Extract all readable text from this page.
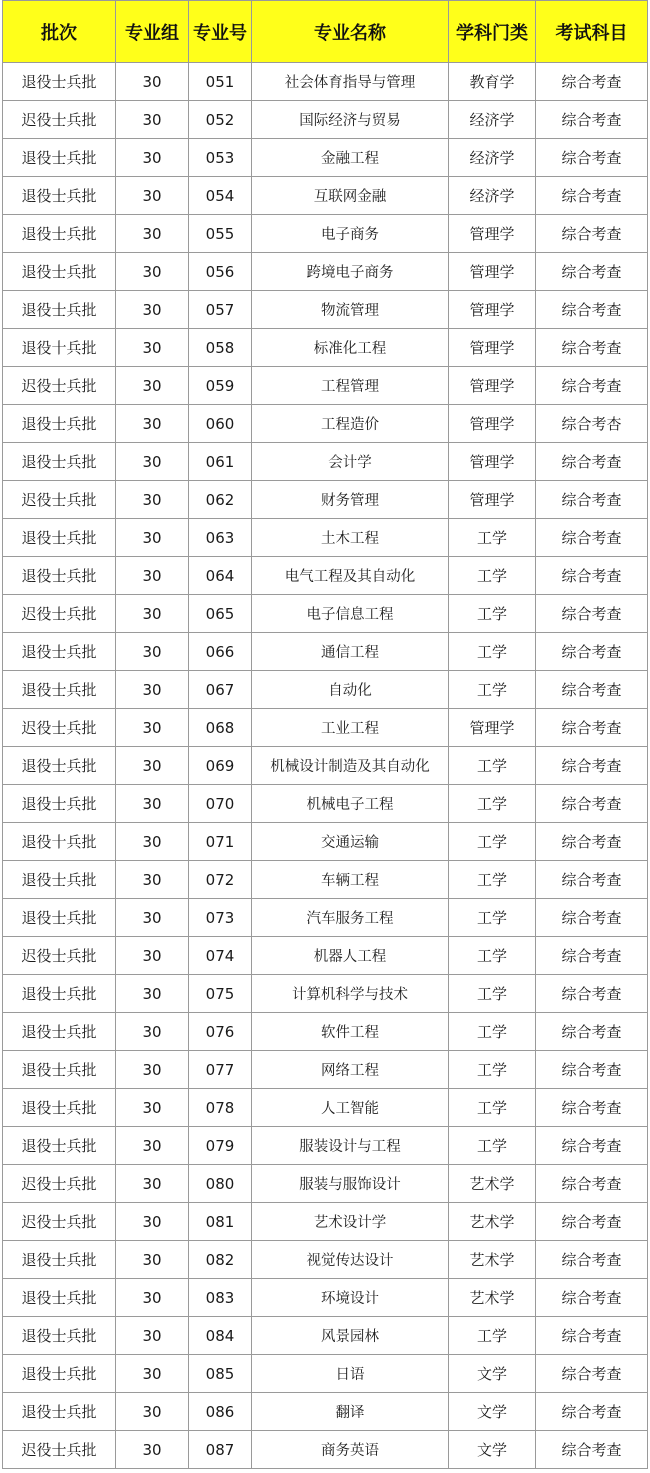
批次	专业组	专业号	专业名称	学科门类	考试科目
退役士兵批	30	051	社会体育指导与管理	教育学	综合考查
迟役士兵批	30	052	国际经济与贸易	经济学	综合考查
退役士兵批	30	053	金融工程	经济学	综合考查
退役士兵批	30	054	互联网金融	经济学	综合考查
退役士兵批	30	055	电子商务	管理学	综合考查
退役士兵批	30	056	跨境电子商务	管理学	综合考查
退役士兵批	30	057	物流管理	管理学	综合考查
退役十兵批	30	058	标准化工程	管理学	综合考查
迟役士兵批	30	059	工程管理	管理学	综合考查
退役士兵批	30	060	工程造价	管理学	综合考杏
退役士兵批	30	061	会计学	管理学	综合考查
迟役士兵批	30	062	财务管理	管理学	综合考查
退役士兵批	30	063	土木工程	工学	综合考查
退役士兵批	30	064	电气工程及其自动化	工学	综合考查
迟役士兵批	30	065	电子信息工程	工学	综合考查
退役士兵批	30	066	通信工程	工学	综合考查
退役士兵批	30	067	自动化	工学	综合考查
迟役士兵批	30	068	工业工程	管理学	综合考查
退役士兵批	30	069	机械设计制造及其自动化	工学	综合考查
退役士兵批	30	070	机械电子工程	工学	综合考查
退役十兵批	30	071	交通运输	工学	综合考查
退役士兵批	30	072	车辆工程	工学	综合考查
退役士兵批	30	073	汽车服务工程	工学	综合考查
迟役士兵批	30	074	机器人工程	工学	综合考查
退役士兵批	30	075	计算机科学与技术	工学	综合考查
退役士兵批	30	076	软件工程	工学	综合考查
退役士兵批	30	077	网络工程	工学	综合考查
退役士兵批	30	078	人工智能	工学	综合考查
退役士兵批	30	079	服装设计与工程	工学	综合考查
迟役士兵批	30	080	服装与服饰设计	艺术学	综合考查
迟役士兵批	30	081	艺术设计学	艺术学	综合考查
退役士兵批	30	082	视觉传达设计	艺术学	综合考查
退役士兵批	30	083	环境设计	艺术学	综合考查
退役士兵批	30	084	风景园林	工学	综合考查
退役士兵批	30	085	日语	文学	综合考查
退役士兵批	30	086	翻译	文学	综合考查
迟役士兵批	30	087	商务英语	文学	综合考查
